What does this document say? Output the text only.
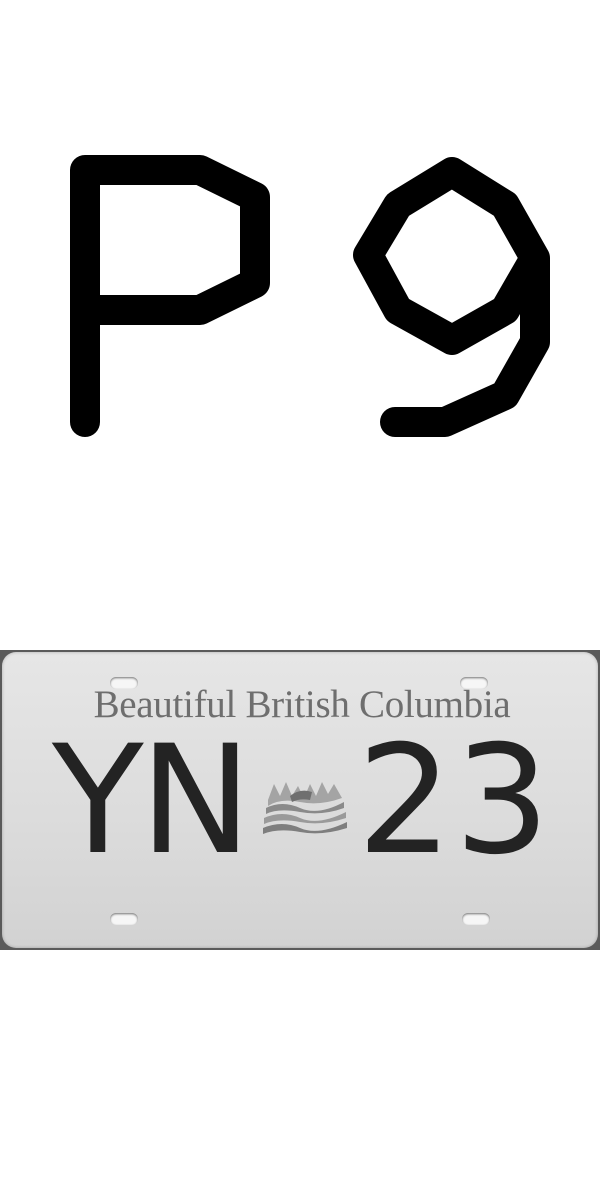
Beautiful British Columbia
YN 23
